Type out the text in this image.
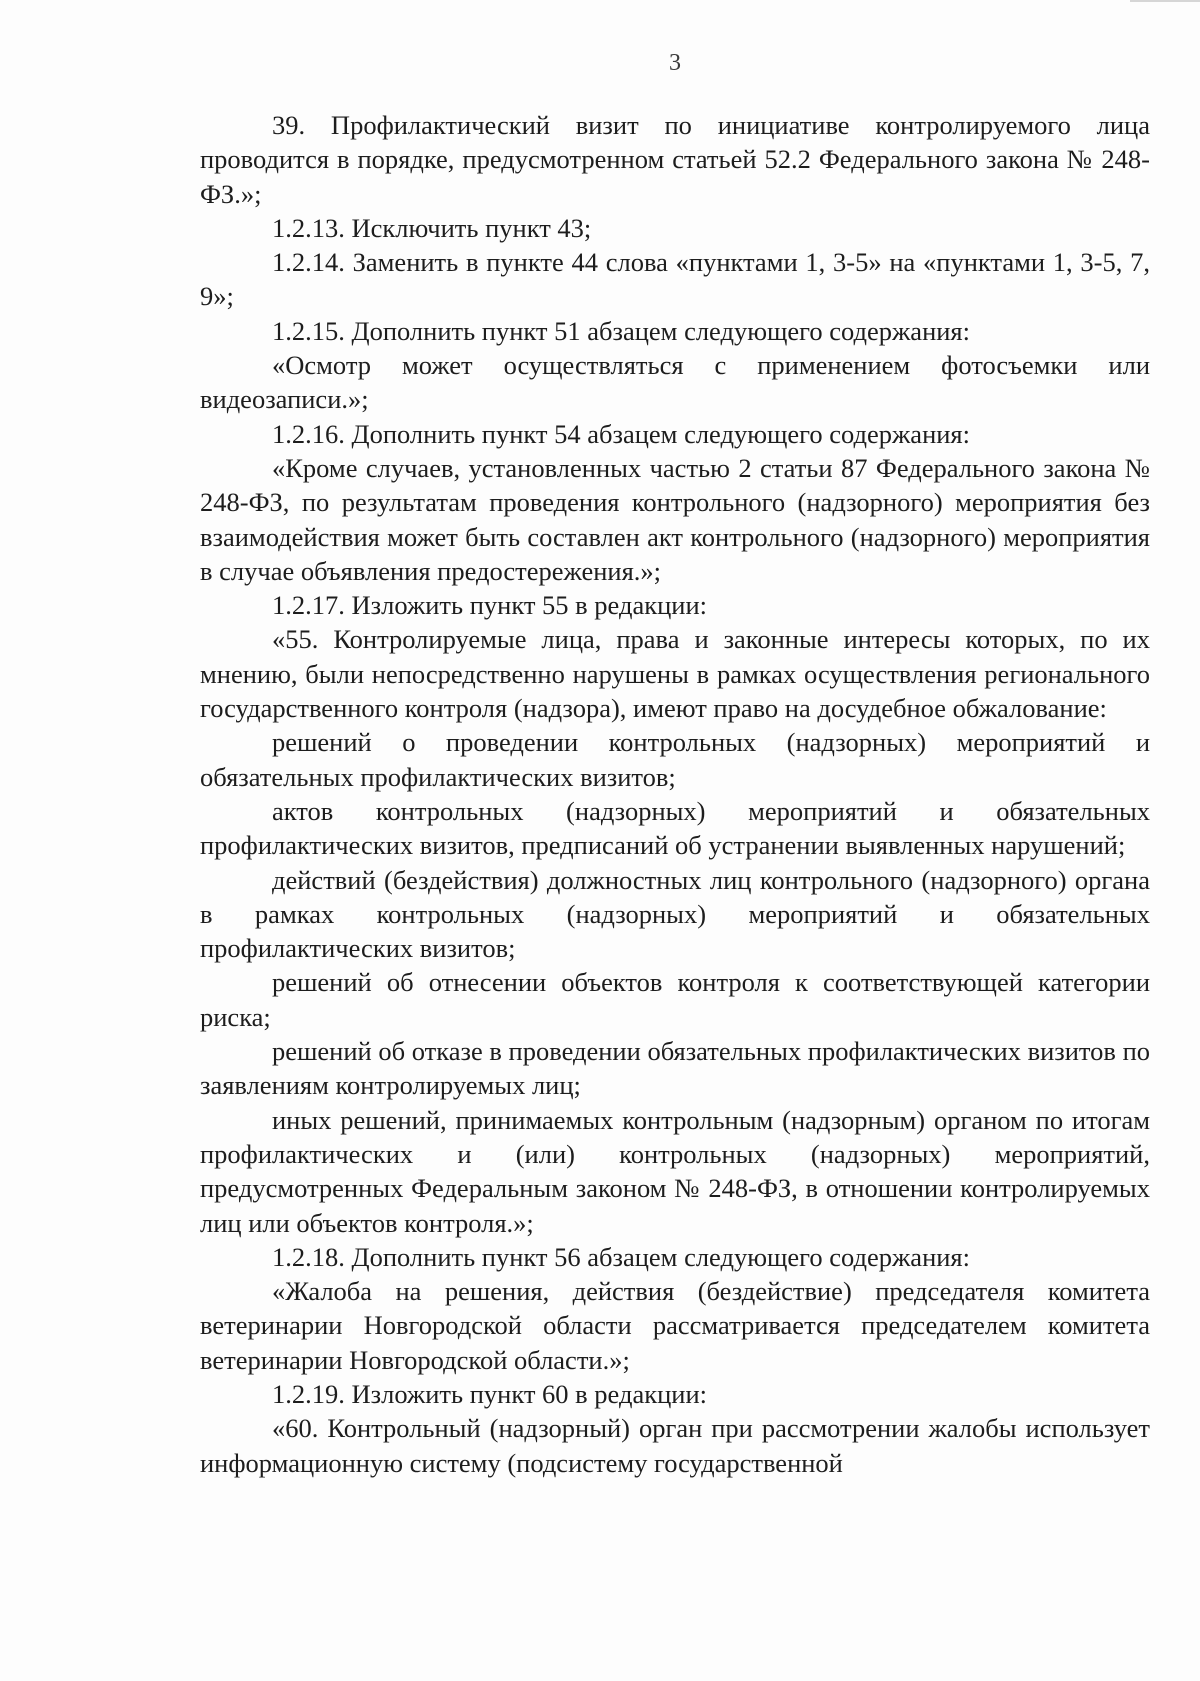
3

39. Профилактический визит по инициативе контролируемого лица проводится в порядке, предусмотренном статьей 52.2 Федерального закона № 248-ФЗ.»;

1.2.13. Исключить пункт 43;

1.2.14. Заменить в пункте 44 слова «пунктами 1, 3-5» на «пунктами 1, 3-5, 7, 9»;

1.2.15. Дополнить пункт 51 абзацем следующего содержания:

«Осмотр может осуществляться с применением фотосъемки или видеозаписи.»;

1.2.16. Дополнить пункт 54 абзацем следующего содержания:

«Кроме случаев, установленных частью 2 статьи 87 Федерального закона № 248-ФЗ, по результатам проведения контрольного (надзорного) мероприятия без взаимодействия может быть составлен акт контрольного (надзорного) мероприятия в случае объявления предостережения.»;

1.2.17. Изложить пункт 55 в редакции:

«55. Контролируемые лица, права и законные интересы которых, по их мнению, были непосредственно нарушены в рамках осуществления регионального государственного контроля (надзора), имеют право на досудебное обжалование:

решений о проведении контрольных (надзорных) мероприятий и обязательных профилактических визитов;

актов контрольных (надзорных) мероприятий и обязательных профилактических визитов, предписаний об устранении выявленных нарушений;

действий (бездействия) должностных лиц контрольного (надзорного) органа в рамках контрольных (надзорных) мероприятий и обязательных профилактических визитов;

решений об отнесении объектов контроля к соответствующей категории риска;

решений об отказе в проведении обязательных профилактических визитов по заявлениям контролируемых лиц;

иных решений, принимаемых контрольным (надзорным) органом по итогам профилактических и (или) контрольных (надзорных) мероприятий, предусмотренных Федеральным законом № 248-ФЗ, в отношении контролируемых лиц или объектов контроля.»;

1.2.18. Дополнить пункт 56 абзацем следующего содержания:

«Жалоба на решения, действия (бездействие) председателя комитета ветеринарии Новгородской области рассматривается председателем комитета ветеринарии Новгородской области.»;

1.2.19. Изложить пункт 60 в редакции:

«60. Контрольный (надзорный) орган при рассмотрении жалобы использует информационную систему (подсистему государственной
